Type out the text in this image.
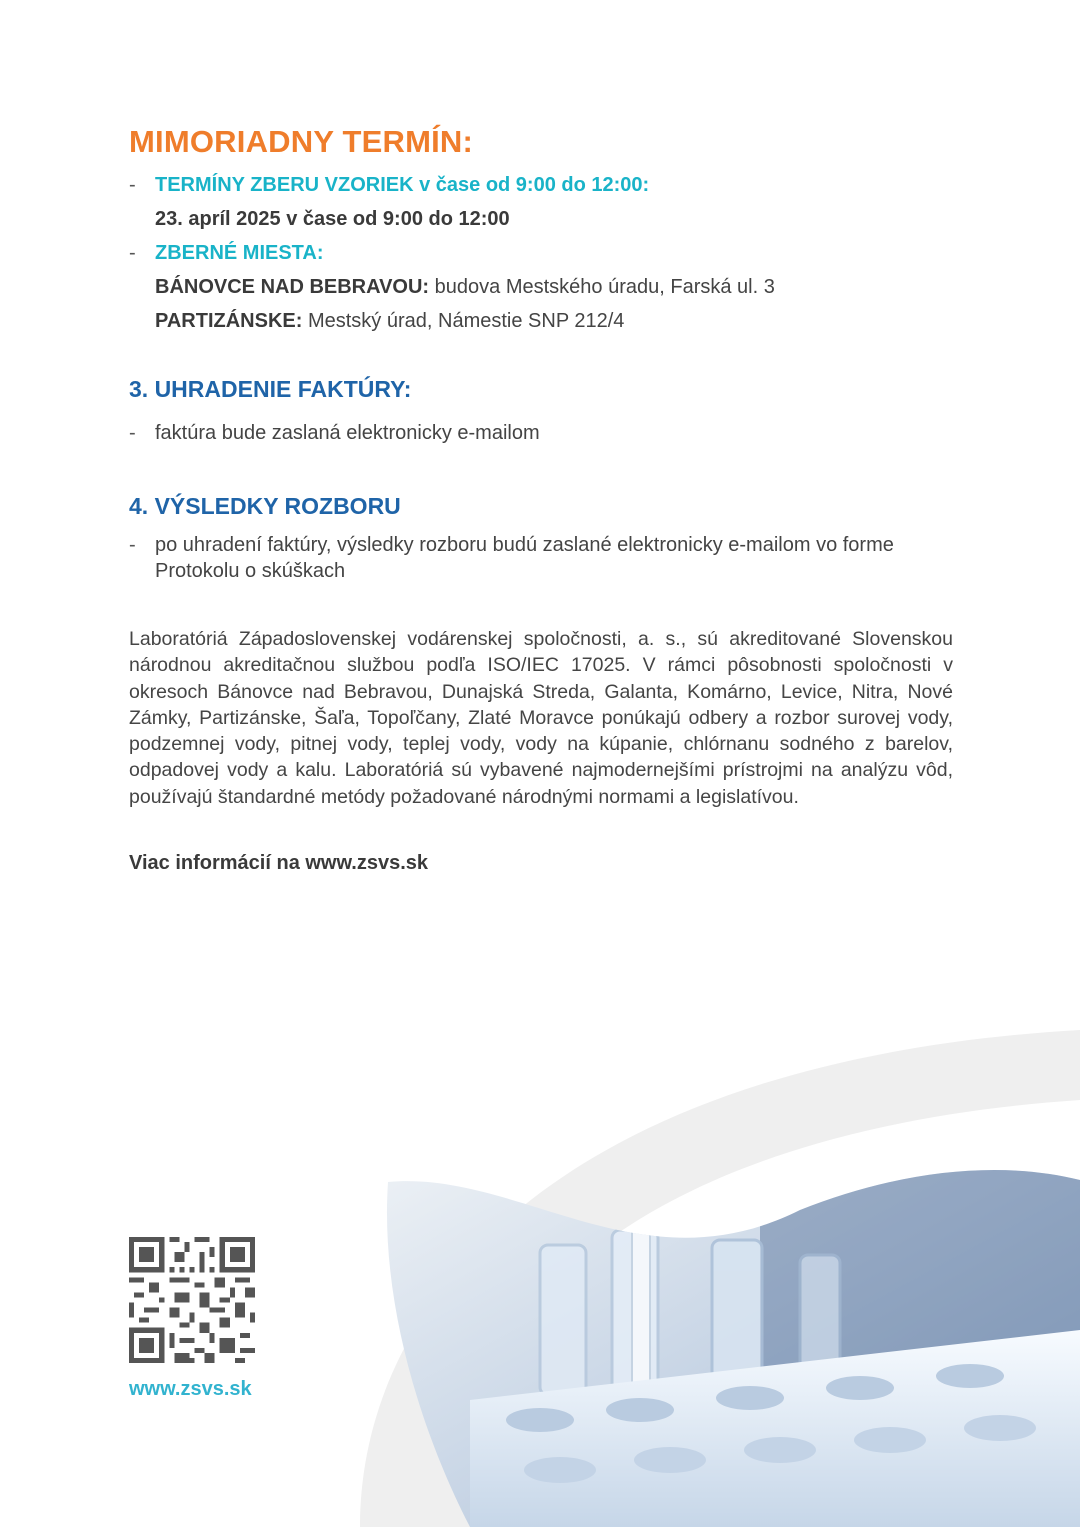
MIMORIADNY TERMÍN:
- TERMÍNY ZBERU VZORIEK v čase od 9:00 do 12:00:
23. apríl 2025 v čase od 9:00 do 12:00
- ZBERNÉ MIESTA:
BÁNOVCE NAD BEBRAVOU: budova Mestského úradu, Farská ul. 3
PARTIZÁNSKE: Mestský úrad, Námestie SNP 212/4
3. UHRADENIE FAKTÚRY:
- faktúra bude zaslaná elektronicky e-mailom
4. VÝSLEDKY ROZBORU
- po uhradení faktúry, výsledky rozboru budú zaslané elektronicky e-mailom vo forme Protokolu o skúškach

Laboratóriá Západoslovenskej vodárenskej spoločnosti, a. s., sú akreditované Slovenskou národnou akreditačnou službou podľa ISO/IEC 17025. V rámci pôsobnosti spoločnosti v okresoch Bánovce nad Bebravou, Dunajská Streda, Galanta, Komárno, Levice, Nitra, Nové Zámky, Partizánske, Šaľa, Topoľčany, Zlaté Moravce ponúkajú odbery a rozbor surovej vody, podzemnej vody, pitnej vody, teplej vody, vody na kúpanie, chlórnanu sodného z barelov, odpadovej vody a kalu. Laboratóriá sú vybavené najmodernejšími prístrojmi na analýzu vôd, používajú štandardné metódy požadované národnými normami a legislatívou.

Viac informácií na www.zsvs.sk
www.zsvs.sk
